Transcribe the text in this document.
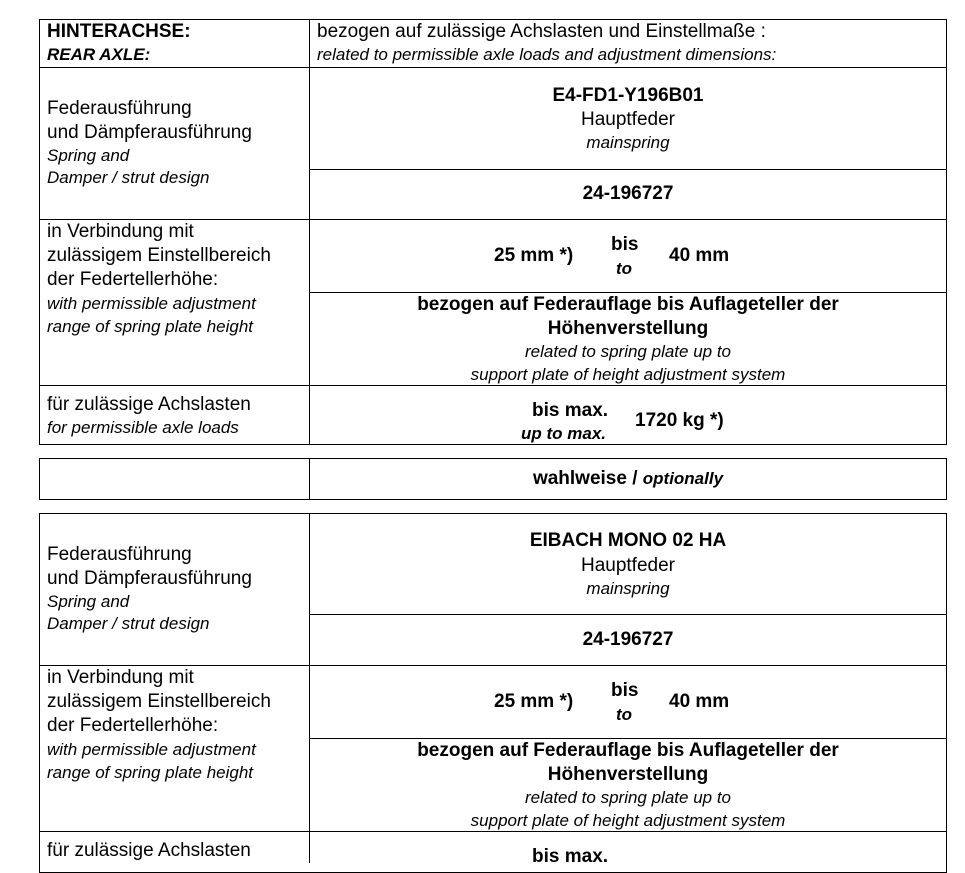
HINTERACHSE:
REAR AXLE:
bezogen auf zulässige Achslasten und Einstellmaße :
related to permissible axle loads and adjustment dimensions:
Federausführung
und Dämpferausführung
Spring and
Damper / strut design
E4-FD1-Y196B01
Hauptfeder
mainspring
24-196727
in Verbindung mit
zulässigem Einstellbereich
der Federtellerhöhe:
with permissible adjustment
range of spring plate height
25 mm *)
bis
to
40 mm
bezogen auf Federauflage bis Auflageteller der
Höhenverstellung
related to spring plate up to
support plate of height adjustment system
für zulässige Achslasten
for permissible axle loads
bis max.
up to max.
1720 kg *)
wahlweise / optionally
Federausführung
und Dämpferausführung
Spring and
Damper / strut design
EIBACH MONO 02 HA
Hauptfeder
mainspring
24-196727
in Verbindung mit
zulässigem Einstellbereich
der Federtellerhöhe:
with permissible adjustment
range of spring plate height
25 mm *)
bis
to
40 mm
bezogen auf Federauflage bis Auflageteller der
Höhenverstellung
related to spring plate up to
support plate of height adjustment system
für zulässige Achslasten	bis max.
